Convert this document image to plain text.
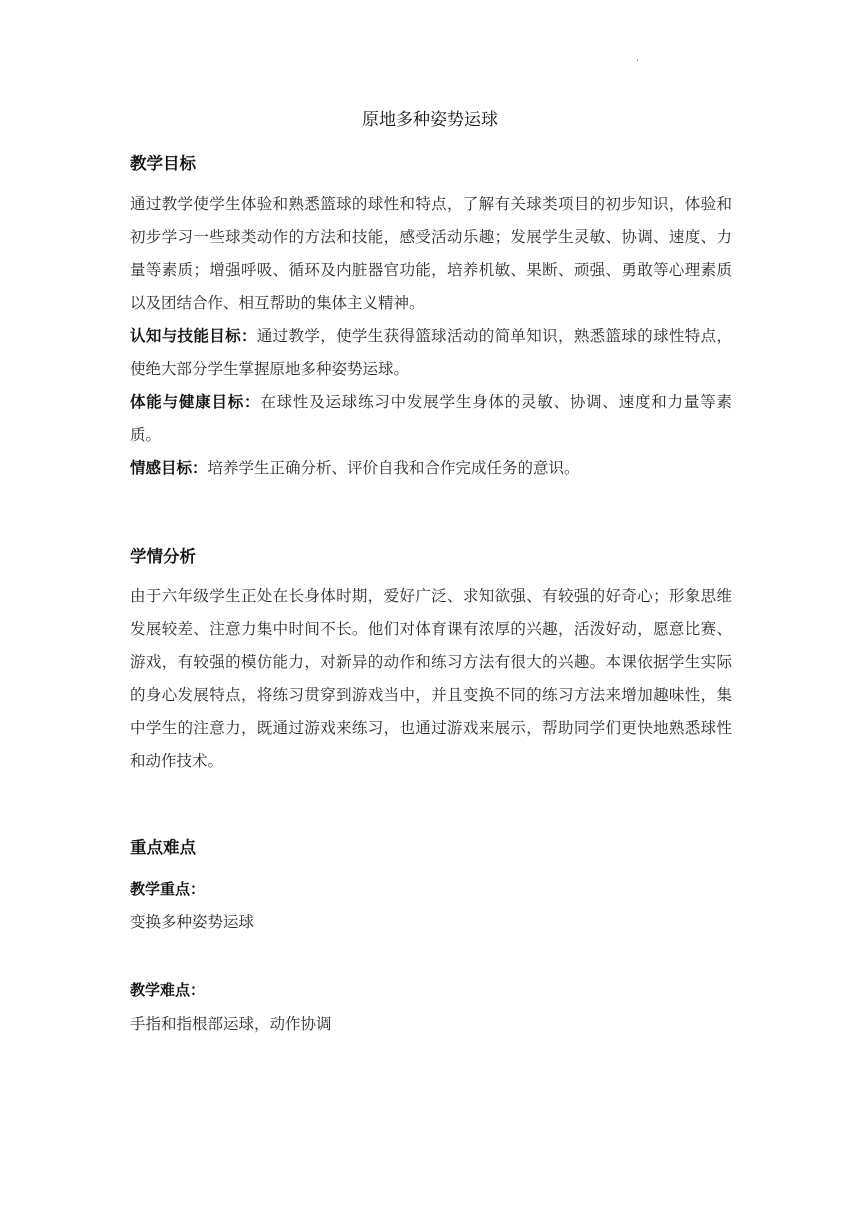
·
原地多种姿势运球
教学目标

通过教学使学生体验和熟悉篮球的球性和特点，了解有关球类项目的初步知识，体验和初步学习一些球类动作的方法和技能，感受活动乐趣；发展学生灵敏、协调、速度、力量等素质；增强呼吸、循环及内脏器官功能，培养机敏、果断、顽强、勇敢等心理素质以及团结合作、相互帮助的集体主义精神。

认知与技能目标：通过教学，使学生获得篮球活动的简单知识，熟悉篮球的球性特点，使绝大部分学生掌握原地多种姿势运球。

体能与健康目标：在球性及运球练习中发展学生身体的灵敏、协调、速度和力量等素质。

情感目标：培养学生正确分析、评价自我和合作完成任务的意识。

学情分析

由于六年级学生正处在长身体时期，爱好广泛、求知欲强、有较强的好奇心；形象思维发展较差、注意力集中时间不长。他们对体育课有浓厚的兴趣，活泼好动，愿意比赛、游戏，有较强的模仿能力，对新异的动作和练习方法有很大的兴趣。本课依据学生实际的身心发展特点，将练习贯穿到游戏当中，并且变换不同的练习方法来增加趣味性，集中学生的注意力，既通过游戏来练习，也通过游戏来展示，帮助同学们更快地熟悉球性和动作技术。

重点难点

教学重点：

变换多种姿势运球

教学难点：

手指和指根部运球，动作协调
